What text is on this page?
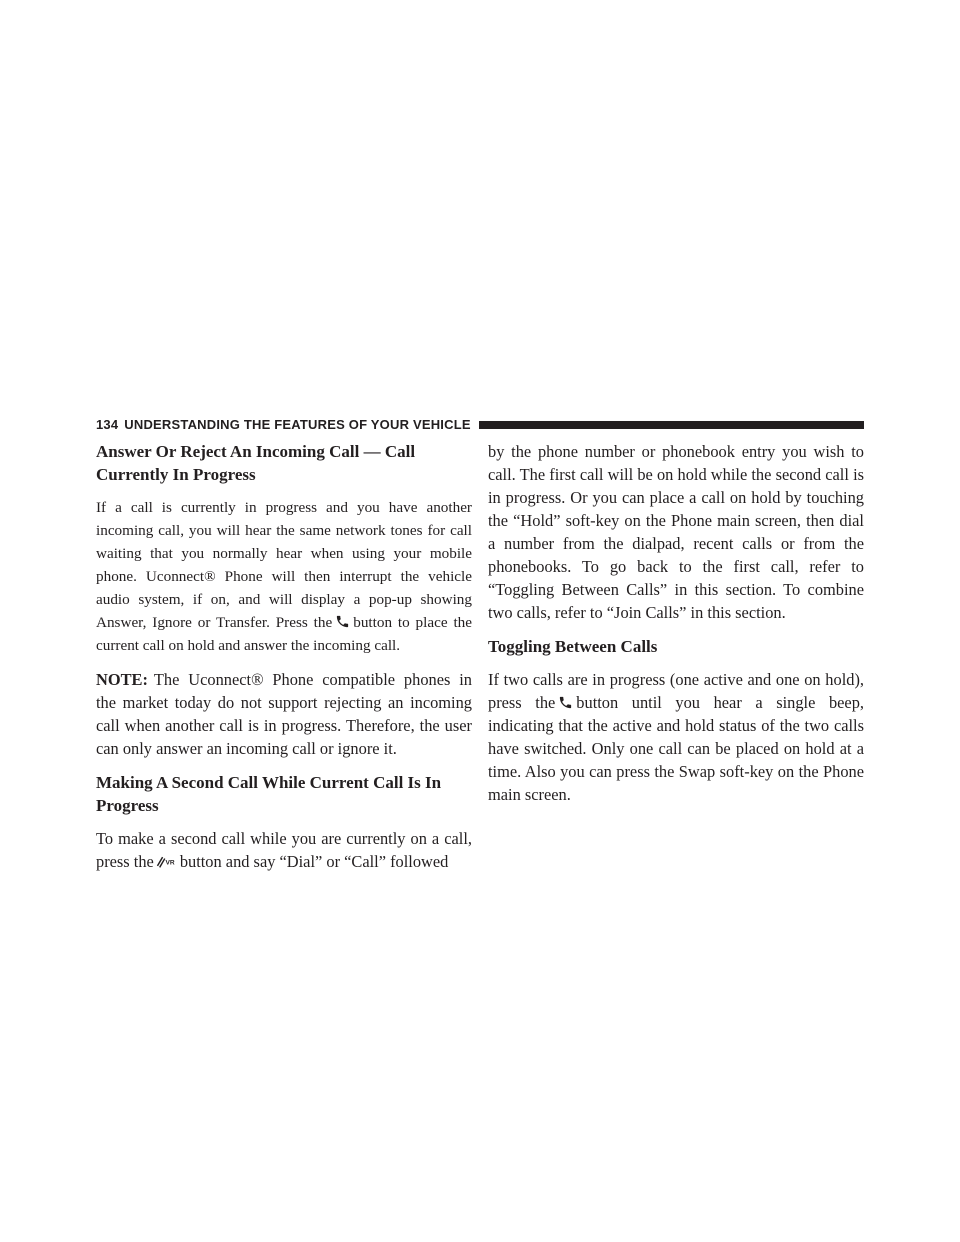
134 UNDERSTANDING THE FEATURES OF YOUR VEHICLE
Answer Or Reject An Incoming Call — Call Currently In Progress

If a call is currently in progress and you have another incoming call, you will hear the same network tones for call waiting that you normally hear when using your mobile phone. Uconnect® Phone will then interrupt the vehicle audio system, if on, and will display a pop-up showing Answer, Ignore or Transfer. Press the button to place the current call on hold and answer the incoming call.

NOTE: The Uconnect® Phone compatible phones in the market today do not support rejecting an incoming call when another call is in progress. Therefore, the user can only answer an incoming call or ignore it.

Making A Second Call While Current Call Is In Progress

To make a second call while you are currently on a call, press the VR button and say “Dial” or “Call” followed

by the phone number or phonebook entry you wish to call. The first call will be on hold while the second call is in progress. Or you can place a call on hold by touching the “Hold” soft-key on the Phone main screen, then dial a number from the dialpad, recent calls or from the phonebooks. To go back to the first call, refer to “Toggling Between Calls” in this section. To combine two calls, refer to “Join Calls” in this section.

Toggling Between Calls

If two calls are in progress (one active and one on hold), press the button until you hear a single beep, indicating that the active and hold status of the two calls have switched. Only one call can be placed on hold at a time. Also you can press the Swap soft-key on the Phone main screen.
